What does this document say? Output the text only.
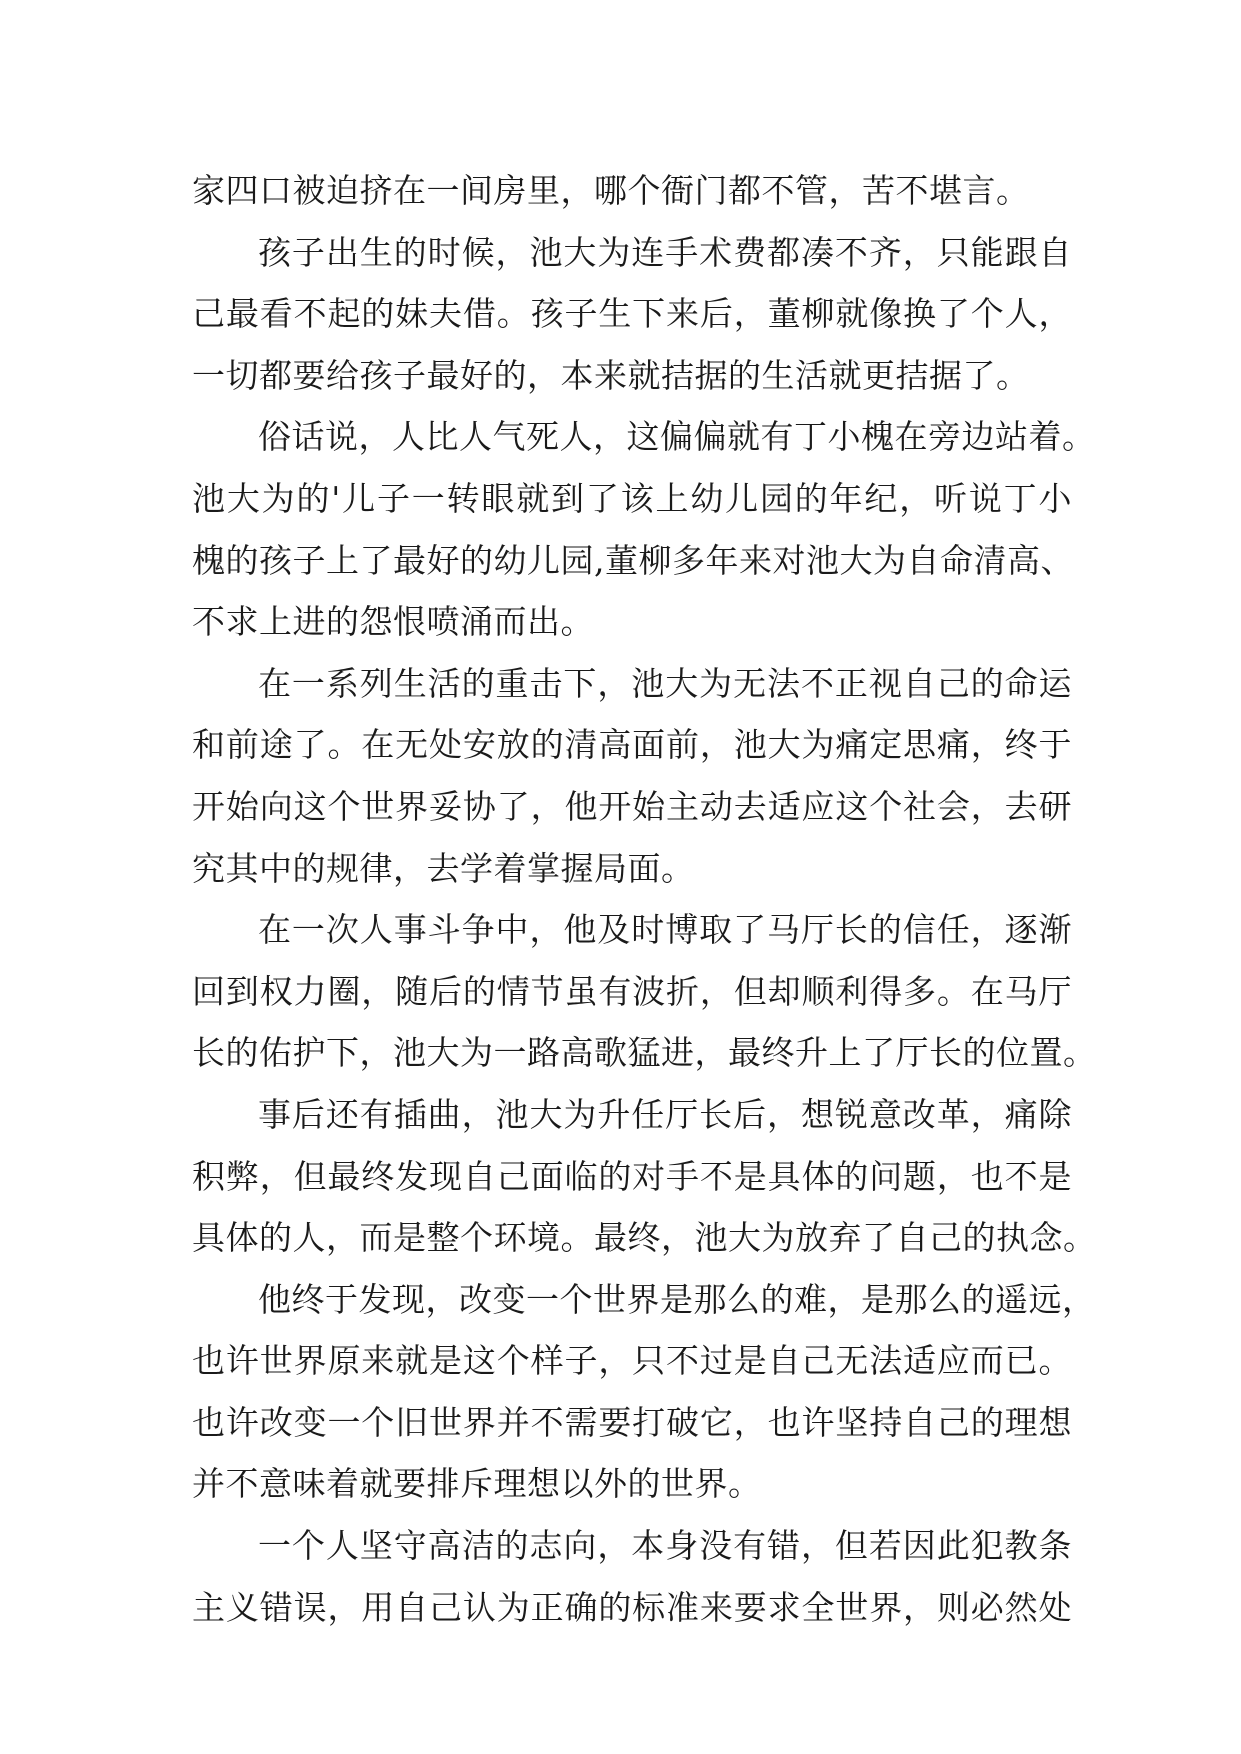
家四口被迫挤在一间房里，哪个衙门都不管，苦不堪言。
孩子出生的时候，池大为连手术费都凑不齐，只能跟自
己最看不起的妹夫借。孩子生下来后，董柳就像换了个人，
一切都要给孩子最好的，本来就拮据的生活就更拮据了。
俗话说，人比人气死人，这偏偏就有丁小槐在旁边站着。
池大为的'儿子一转眼就到了该上幼儿园的年纪，听说丁小
槐的孩子上了最好的幼儿园,董柳多年来对池大为自命清高、
不求上进的怨恨喷涌而出。
在一系列生活的重击下，池大为无法不正视自己的命运
和前途了。在无处安放的清高面前，池大为痛定思痛，终于
开始向这个世界妥协了，他开始主动去适应这个社会，去研
究其中的规律，去学着掌握局面。
在一次人事斗争中，他及时博取了马厅长的信任，逐渐
回到权力圈，随后的情节虽有波折，但却顺利得多。在马厅
长的佑护下，池大为一路高歌猛进，最终升上了厅长的位置。
事后还有插曲，池大为升任厅长后，想锐意改革，痛除
积弊，但最终发现自己面临的对手不是具体的问题，也不是
具体的人，而是整个环境。最终，池大为放弃了自己的执念。
他终于发现，改变一个世界是那么的难，是那么的遥远，
也许世界原来就是这个样子，只不过是自己无法适应而已。
也许改变一个旧世界并不需要打破它，也许坚持自己的理想
并不意味着就要排斥理想以外的世界。
一个人坚守高洁的志向，本身没有错，但若因此犯教条
主义错误，用自己认为正确的标准来要求全世界，则必然处
